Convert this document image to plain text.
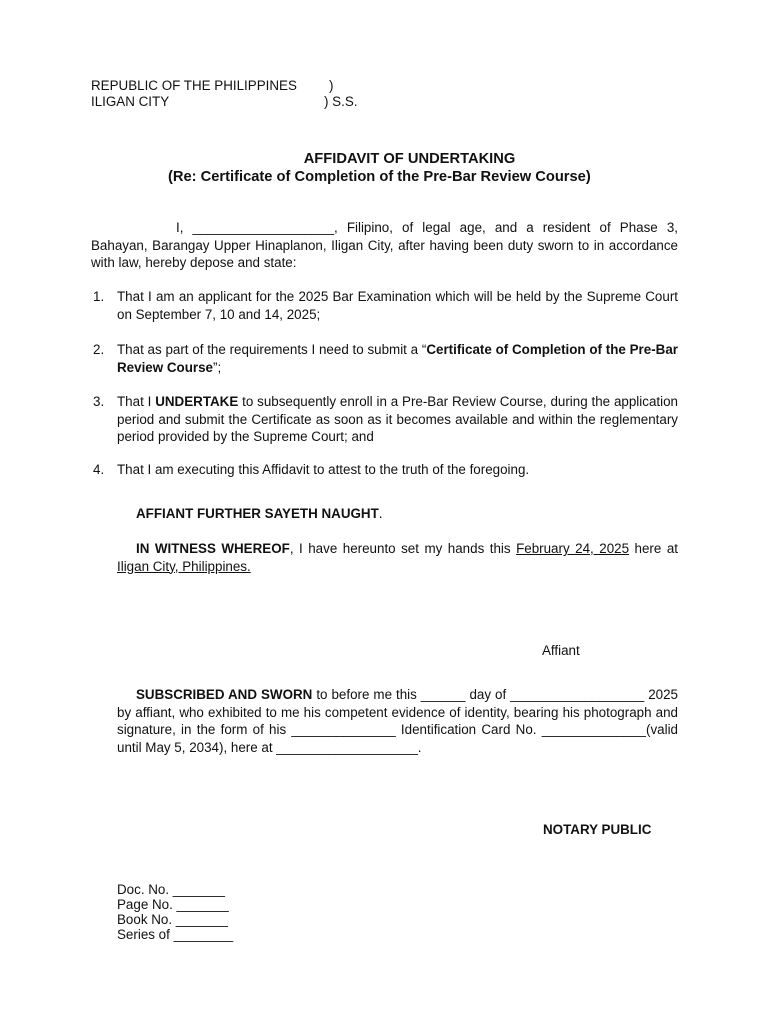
REPUBLIC OF THE PHILIPPINES )
ILIGAN CITY	) S.S.
AFFIDAVIT OF UNDERTAKING
(Re: Certificate of Completion of the Pre-Bar Review Course)
I, ___________________, Filipino, of legal age, and a resident of Phase 3, Bahayan, Barangay Upper Hinaplanon, Iligan City, after having been duty sworn to in accordance with law, hereby depose and state:
1. That I am an applicant for the 2025 Bar Examination which will be held by the Supreme Court on September 7, 10 and 14, 2025;
2. That as part of the requirements I need to submit a “Certificate of Completion of the Pre-Bar Review Course”;
3. That I UNDERTAKE to subsequently enroll in a Pre-Bar Review Course, during the application period and submit the Certificate as soon as it becomes available and within the reglementary period provided by the Supreme Court; and
4. That I am executing this Affidavit to attest to the truth of the foregoing.
AFFIANT FURTHER SAYETH NAUGHT.
IN WITNESS WHEREOF, I have hereunto set my hands this February 24, 2025 here at Iligan City, Philippines.
Affiant
SUBSCRIBED AND SWORN to before me this ______ day of __________________ 2025 by affiant, who exhibited to me his competent evidence of identity, bearing his photograph and signature, in the form of his ______________ Identification Card No. ______________(valid until May 5, 2034), here at ___________________.
NOTARY PUBLIC
Doc. No. _______
Page No. _______
Book No. _______
Series of ________
